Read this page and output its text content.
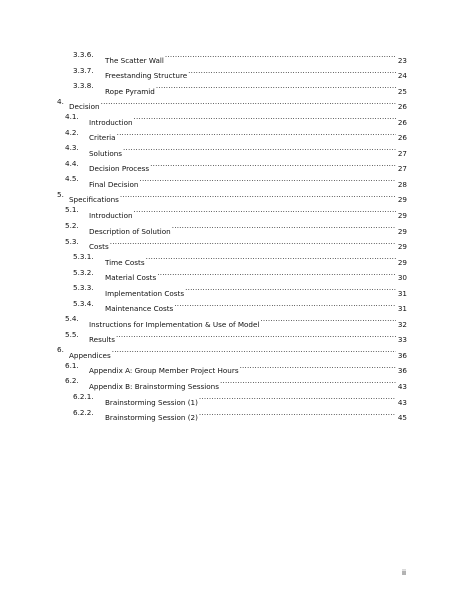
3.3.6.
The Scatter Wall .....	23
3.3.7.
Freestanding Structure .....	24
3.3.8.
Rope Pyramid .....	25
4.
Decision .....	26
4.1.
Introduction .....	26
4.2.
Criteria .....	26
4.3.
Solutions .....	27
4.4.
Decision Process .....	27
4.5.
Final Decision .....	28
5.
Specifications .....	29
5.1.
Introduction .....	29
5.2.
Description of Solution .....	29
5.3.
Costs .....	29
5.3.1.
Time Costs .....	29
5.3.2.
Material Costs .....	30
5.3.3.
Implementation Costs .....	31
5.3.4.
Maintenance Costs .....	31
5.4.
Instructions for Implementation & Use of Model .....	32
5.5.
Results .....	33
6.
Appendices .....	36
6.1.
Appendix A: Group Member Project Hours .....	36
6.2.
Appendix B: Brainstorming Sessions .....	43
6.2.1.
Brainstorming Session (1) .....	43
6.2.2.
Brainstorming Session (2) .....	45
ii
